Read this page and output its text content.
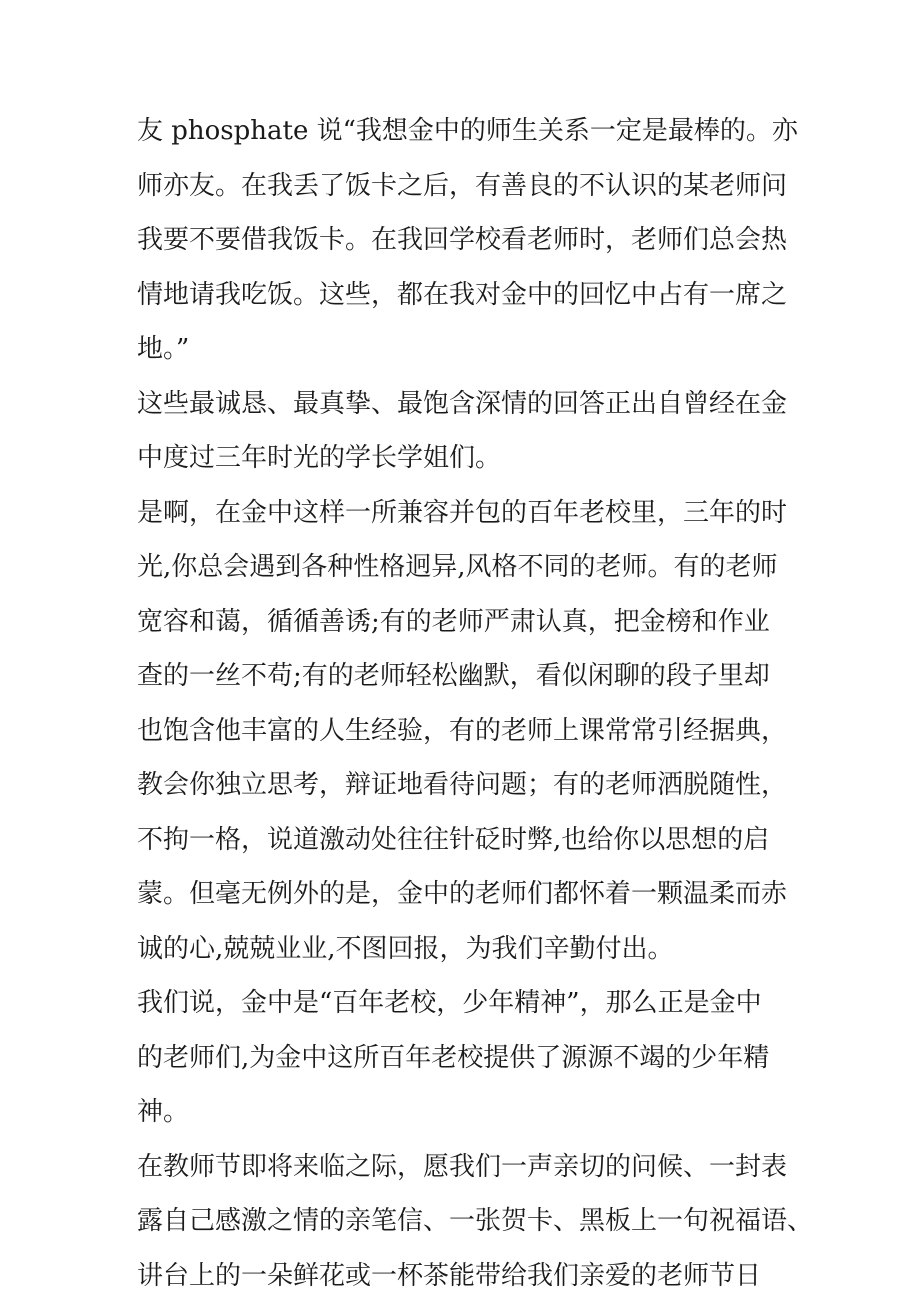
友 phosphate 说“我想金中的师生关系一定是最棒的。亦
师亦友。在我丢了饭卡之后，有善良的不认识的某老师问
我要不要借我饭卡。在我回学校看老师时，老师们总会热
情地请我吃饭。这些，都在我对金中的回忆中占有一席之
地。”
这些最诚恳、最真挚、最饱含深情的回答正出自曾经在金
中度过三年时光的学长学姐们。
是啊，在金中这样一所兼容并包的百年老校里，三年的时
光,你总会遇到各种性格迥异,风格不同的老师。有的老师
宽容和蔼，循循善诱;有的老师严肃认真，把金榜和作业
查的一丝不苟;有的老师轻松幽默，看似闲聊的段子里却
也饱含他丰富的人生经验，有的老师上课常常引经据典，
教会你独立思考，辩证地看待问题；有的老师洒脱随性，
不拘一格，说道激动处往往针砭时弊,也给你以思想的启
蒙。但毫无例外的是，金中的老师们都怀着一颗温柔而赤
诚的心,兢兢业业,不图回报，为我们辛勤付出。
我们说，金中是“百年老校，少年精神”，那么正是金中
的老师们,为金中这所百年老校提供了源源不竭的少年精
神。
在教师节即将来临之际，愿我们一声亲切的问候、一封表
露自己感激之情的亲笔信、一张贺卡、黑板上一句祝福语、
讲台上的一朵鲜花或一杯茶能带给我们亲爱的老师节日
